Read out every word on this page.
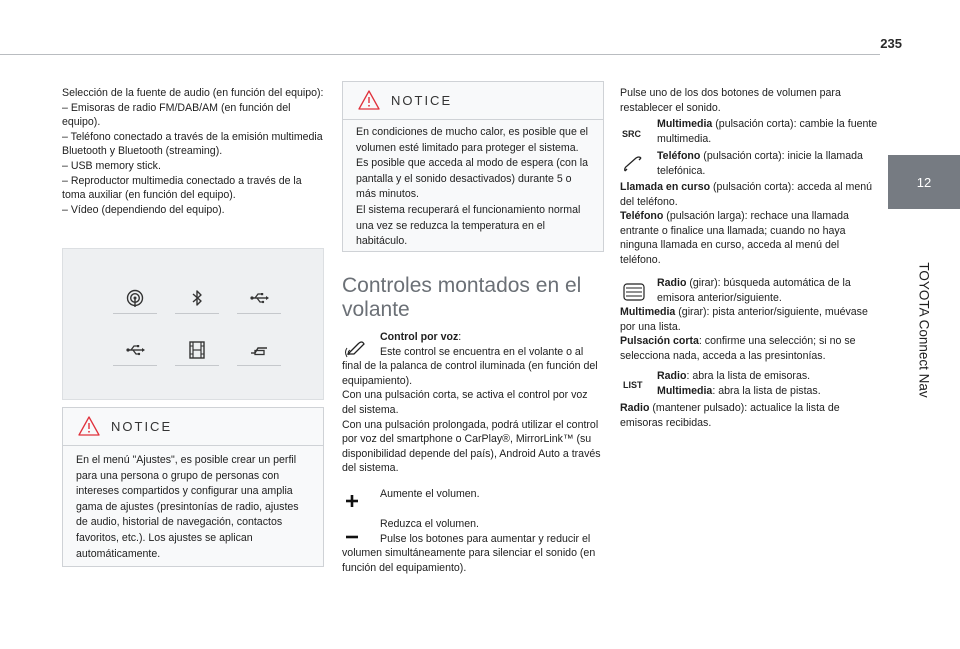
235
12
TOYOTA Connect Nav

Selección de la fuente de audio (en función del equipo):

– Emisoras de radio FM/DAB/AM (en función del equipo).

– Teléfono conectado a través de la emisión multimedia Bluetooth y Bluetooth (streaming).

– USB memory stick.

– Reproductor multimedia conectado a través de la toma auxiliar (en función del equipo).

– Vídeo (dependiendo del equipo).

NOTICE
En el menú "Ajustes", es posible crear un perfil para una persona o grupo de personas con intereses compartidos y configurar una amplia gama de ajustes (presintonías de radio, ajustes de audio, historial de navegación, contactos favoritos, etc.). Los ajustes se aplican automáticamente.
NOTICE
En condiciones de mucho calor, es posible que el volumen esté limitado para proteger el sistema. Es posible que acceda al modo de espera (con la pantalla y el sonido desactivados) durante 5 o más minutos.
El sistema recuperará el funcionamiento normal una vez se reduzca la temperatura en el habitáculo.
Controles montados en el volante

Control por voz:

Este control se encuentra en el volante o al final de la palanca de control iluminada (en función del equipamiento).

Con una pulsación corta, se activa el control por voz del sistema.

Con una pulsación prolongada, podrá utilizar el control por voz del smartphone o CarPlay®, MirrorLink™ (su disponibilidad depende del país), Android Auto a través del sistema.

Aumente el volumen.

Reduzca el volumen.

Pulse los botones para aumentar y reducir el volumen simultáneamente para silenciar el sonido (en función del equipamiento).

Pulse uno de los dos botones de volumen para restablecer el sonido.
SRC
Multimedia (pulsación corta): cambie la fuente multimedia.
Teléfono (pulsación corta): inicie la llamada telefónica.

Llamada en curso (pulsación corta): acceda al menú del teléfono.

Teléfono (pulsación larga): rechace una llamada entrante o finalice una llamada; cuando no haya ninguna llamada en curso, acceda al menú del teléfono.

Radio (girar): búsqueda automática de la emisora anterior/siguiente.

Multimedia (girar): pista anterior/siguiente, muévase por una lista.

Pulsación corta: confirme una selección; si no se selecciona nada, acceda a las presintonías.

LIST

Radio: abra la lista de emisoras.

Multimedia: abra la lista de pistas.

Radio (mantener pulsado): actualice la lista de emisoras recibidas.
